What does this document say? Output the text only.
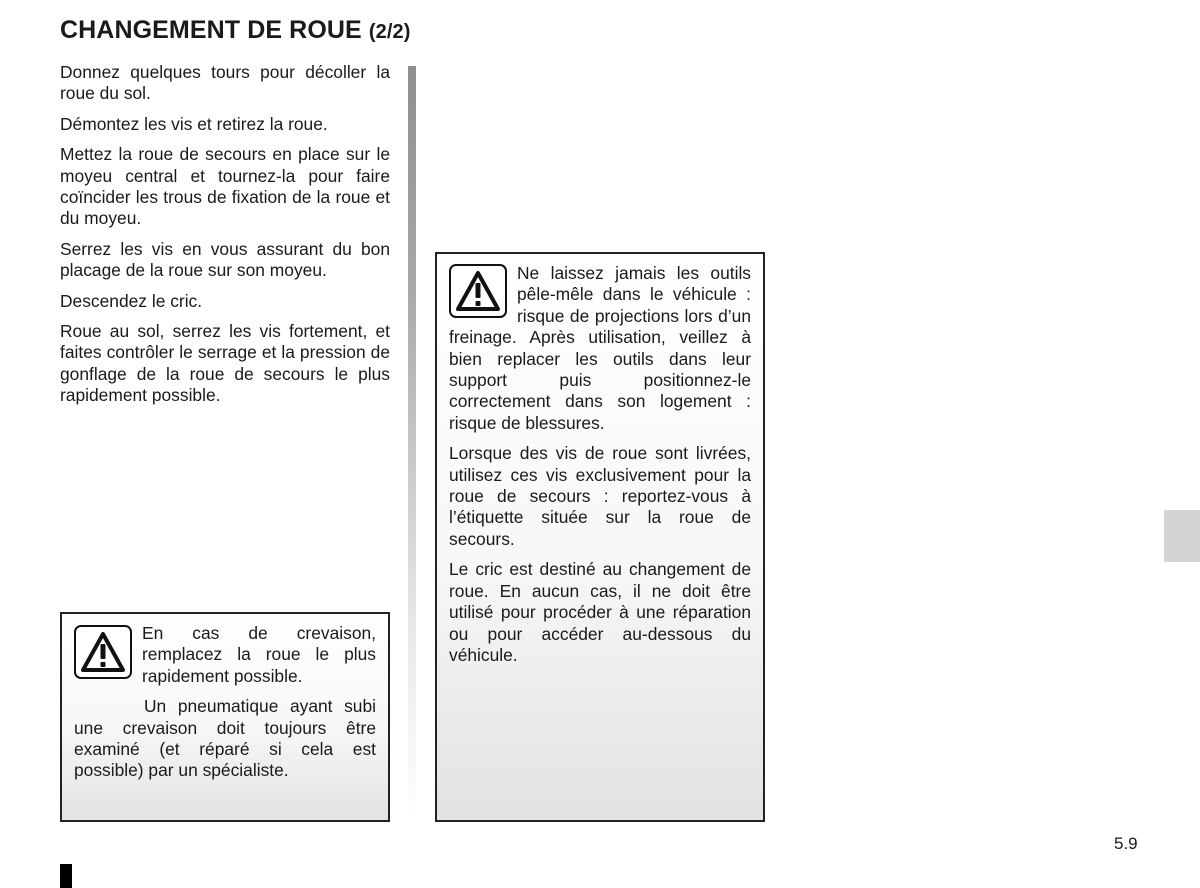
CHANGEMENT DE ROUE (2/2)

Donnez quelques tours pour décoller la roue du sol.

Démontez les vis et retirez la roue.

Mettez la roue de secours en place sur le moyeu central et tournez-la pour faire coïncider les trous de fixation de la roue et du moyeu.

Serrez les vis en vous assurant du bon placage de la roue sur son moyeu.

Descendez le cric.

Roue au sol, serrez les vis fortement, et faites contrôler le serrage et la pression de gonflage de la roue de secours le plus rapidement possible.

En cas de crevaison, remplacez la roue le plus rapidement possible.

Un pneumatique ayant subi une crevaison doit toujours être examiné (et réparé si cela est possible) par un spécialiste.

Ne laissez jamais les outils pêle-mêle dans le véhicule : risque de projections lors d’un freinage. Après utilisation, veillez à bien replacer les outils dans leur support puis positionnez-le correctement dans son logement : risque de blessures.

Lorsque des vis de roue sont livrées, utilisez ces vis exclusivement pour la roue de secours : reportez-vous à l’étiquette située sur la roue de secours.

Le cric est destiné au changement de roue. En aucun cas, il ne doit être utilisé pour procéder à une réparation ou pour accéder au-dessous du véhicule.

5.9
